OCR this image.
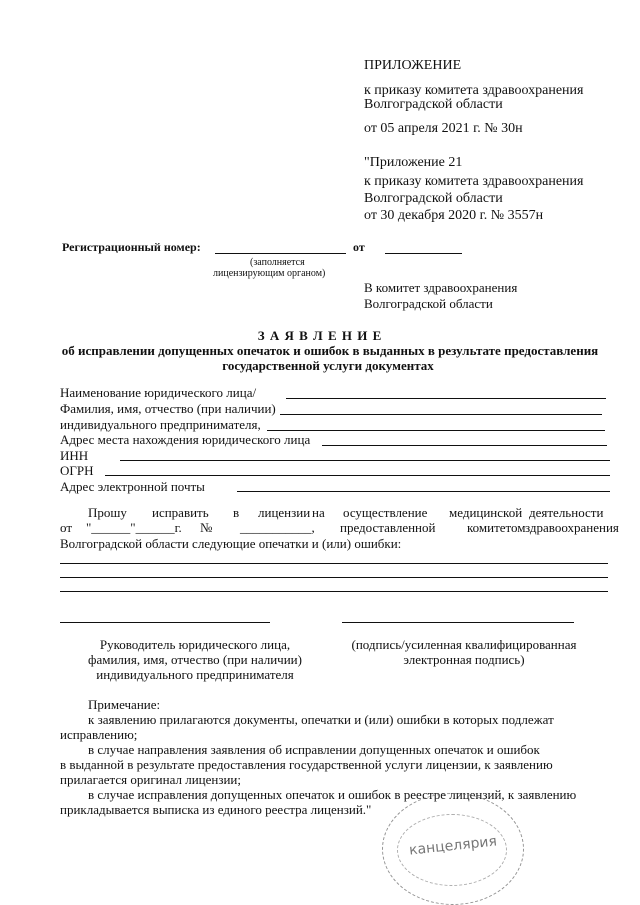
ПРИЛОЖЕНИЕ
к приказу комитета здравоохранения
Волгоградской области
от 05 апреля 2021 г. № 30н
"Приложение 21
к приказу комитета здравоохранения
Волгоградской области
от 30 декабря 2020 г. № 3557н
Регистрационный номер:	от
(заполняется
лицензирующим органом)
В комитет здравоохранения
Волгоградской области
З А Я В Л Е Н И Е
об исправлении допущенных опечаток и ошибок в выданных в результате предоставления
государственной услуги документах
Наименование юридического лица/
Фамилия, имя, отчество (при наличии)
индивидуального предпринимателя,
Адрес места нахождения юридического лица
ИНН
ОГРН
Адрес электронной почты
Прошу исправить в лицензии на осуществление медицинской деятельности
от "______"______г. № ___________, предоставленной комитетом здравоохранения
Волгоградской области следующие опечатки и (или) ошибки:
Руководитель юридического лица,
фамилия, имя, отчество (при наличии)
индивидуального предпринимателя
(подпись/усиленная квалифицированная
электронная подпись)
Примечание:
к заявлению прилагаются документы, опечатки и (или) ошибки в которых подлежат
исправлению;
в случае направления заявления об исправлении допущенных опечаток и ошибок
в выданной в результате предоставления государственной услуги лицензии, к заявлению
прилагается оригинал лицензии;
в случае исправления допущенных опечаток и ошибок в реестре лицензий, к заявлению
прикладывается выписка из единого реестра лицензий."
канцелярия
